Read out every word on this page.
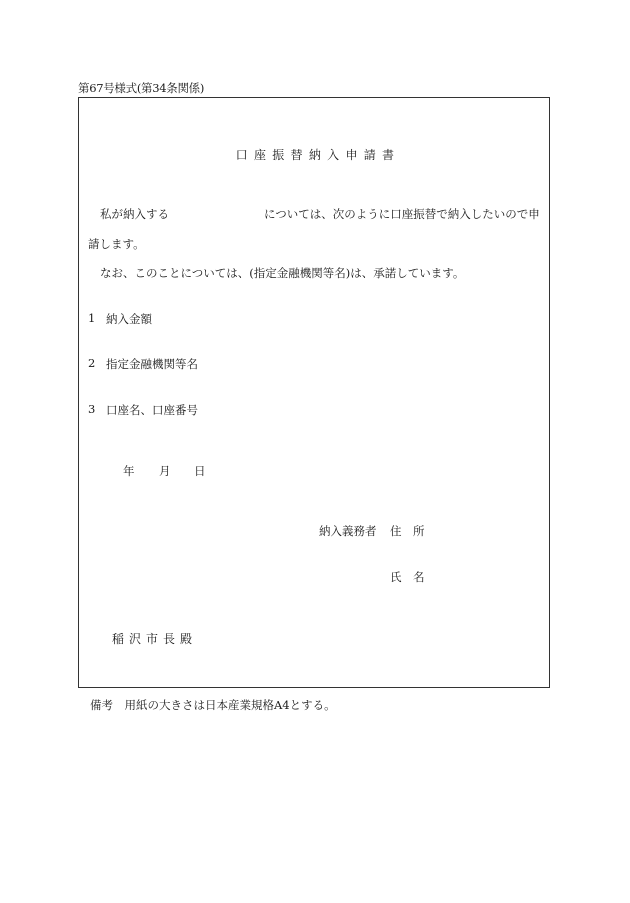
第67号様式(第34条関係)
口座振替納入申請書
私が納入する	については、次のように口座振替で納入したいので申
請します。
なお、このことについては、(指定金融機関等名)は、承諾しています。
1 納入金額
2 指定金融機関等名
3 口座名、口座番号
年 月 日
納入義務者 住　所
氏　名
稲沢市長殿
備考　用紙の大きさは日本産業規格A4とする。
